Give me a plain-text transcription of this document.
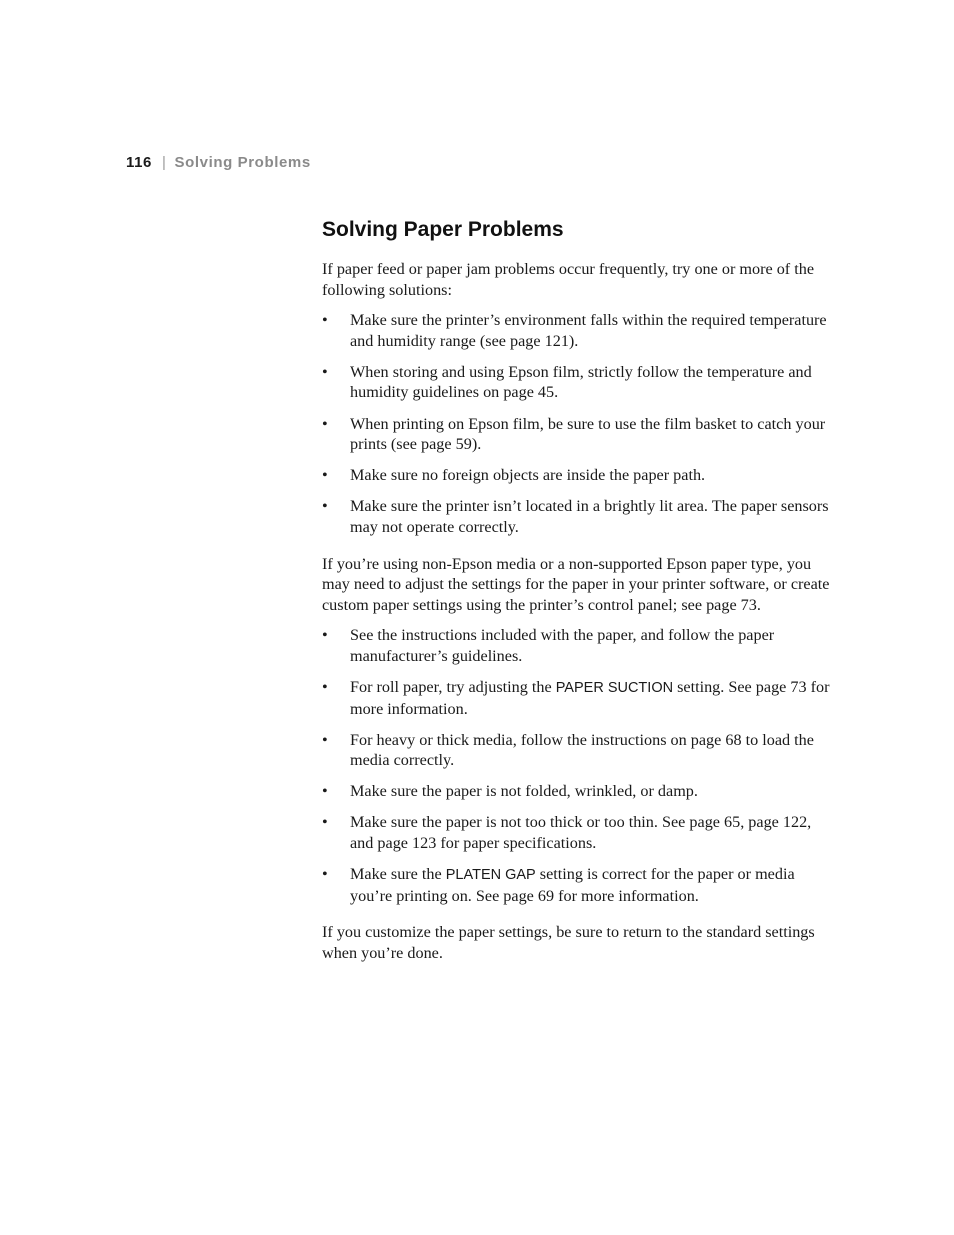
116 | Solving Problems
Solving Paper Problems

If paper feed or paper jam problems occur frequently, try one or more of the following solutions:

• Make sure the printer’s environment falls within the required temperature and humidity range (see page 121).
• When storing and using Epson film, strictly follow the temperature and humidity guidelines on page 45.
• When printing on Epson film, be sure to use the film basket to catch your prints (see page 59).
• Make sure no foreign objects are inside the paper path.
• Make sure the printer isn’t located in a brightly lit area. The paper sensors may not operate correctly.

If you’re using non-Epson media or a non-supported Epson paper type, you may need to adjust the settings for the paper in your printer software, or create custom paper settings using the printer’s control panel; see page 73.

• See the instructions included with the paper, and follow the paper manufacturer’s guidelines.
• For roll paper, try adjusting the PAPER SUCTION setting. See page 73 for more information.
• For heavy or thick media, follow the instructions on page 68 to load the media correctly.
• Make sure the paper is not folded, wrinkled, or damp.
• Make sure the paper is not too thick or too thin. See page 65, page 122, and page 123 for paper specifications.
• Make sure the PLATEN GAP setting is correct for the paper or media you’re printing on. See page 69 for more information.

If you customize the paper settings, be sure to return to the standard settings when you’re done.
